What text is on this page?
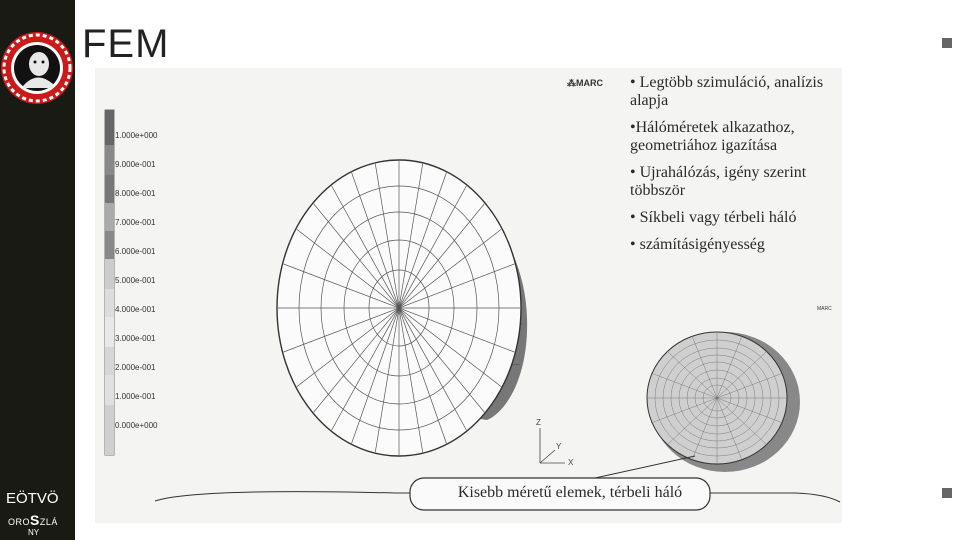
EÖTVÖ
OROSZLÁ
NY
FEM
⁂MARC
MARC
• Legtöbb szimuláció, analízis alapja
•Hálóméretek alkazathoz, geometriához igazítása
• Ujrahálózás, igény szerint többször
• Síkbeli vagy térbeli háló
• számításigényesség
1.000e+000
9.000e-001
8.000e-001
7.000e-001
6.000e-001
5.000e-001
4.000e-001
3.000e-001
2.000e-001
1.000e-001
0.000e+000	Z
Y
X
Kisebb méretű elemek, térbeli háló
